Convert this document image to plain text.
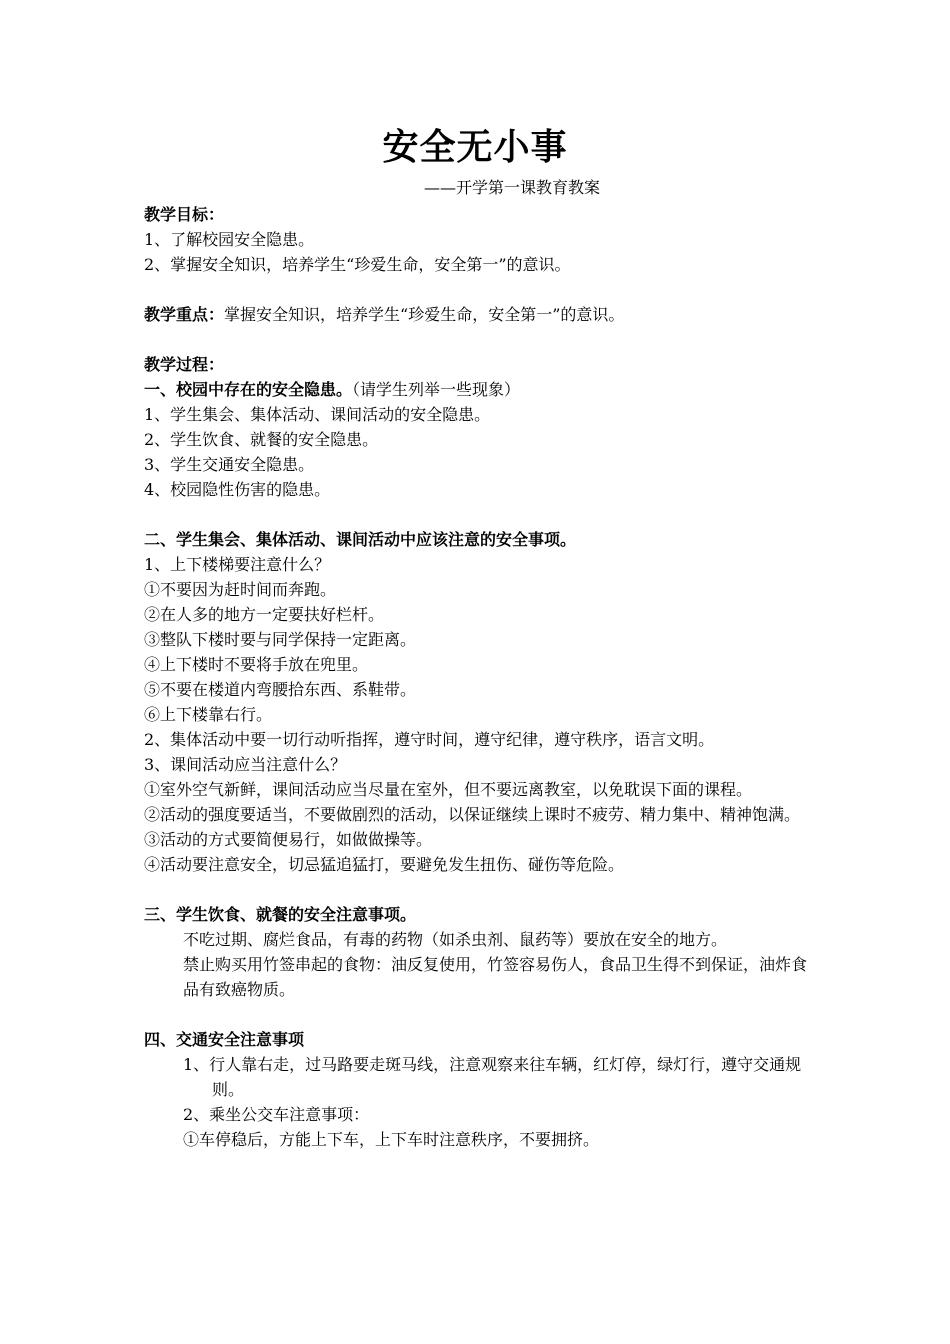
安全无小事
——开学第一课教育教案

教学目标：

1、了解校园安全隐患。

2、掌握安全知识，培养学生“珍爱生命，安全第一”的意识。

教学重点：掌握安全知识，培养学生“珍爱生命，安全第一”的意识。

教学过程：

一、校园中存在的安全隐患。（请学生列举一些现象）

1、学生集会、集体活动、课间活动的安全隐患。

2、学生饮食、就餐的安全隐患。

3、学生交通安全隐患。

4、校园隐性伤害的隐患。

二、学生集会、集体活动、课间活动中应该注意的安全事项。

1、上下楼梯要注意什么？

①不要因为赶时间而奔跑。

②在人多的地方一定要扶好栏杆。

③整队下楼时要与同学保持一定距离。

④上下楼时不要将手放在兜里。

⑤不要在楼道内弯腰拾东西、系鞋带。

⑥上下楼靠右行。

2、集体活动中要一切行动听指挥，遵守时间，遵守纪律，遵守秩序，语言文明。

3、课间活动应当注意什么？

①室外空气新鲜，课间活动应当尽量在室外，但不要远离教室，以免耽误下面的课程。

②活动的强度要适当，不要做剧烈的活动，以保证继续上课时不疲劳、精力集中、精神饱满。

③活动的方式要简便易行，如做做操等。

④活动要注意安全，切忌猛追猛打，要避免发生扭伤、碰伤等危险。

三、学生饮食、就餐的安全注意事项。

不吃过期、腐烂食品，有毒的药物（如杀虫剂、鼠药等）要放在安全的地方。

禁止购买用竹签串起的食物：油反复使用，竹签容易伤人，食品卫生得不到保证，油炸食品有致癌物质。

四、交通安全注意事项

1、行人靠右走，过马路要走斑马线，注意观察来往车辆，红灯停，绿灯行，遵守交通规则。

2、乘坐公交车注意事项：

①车停稳后，方能上下车，上下车时注意秩序，不要拥挤。
